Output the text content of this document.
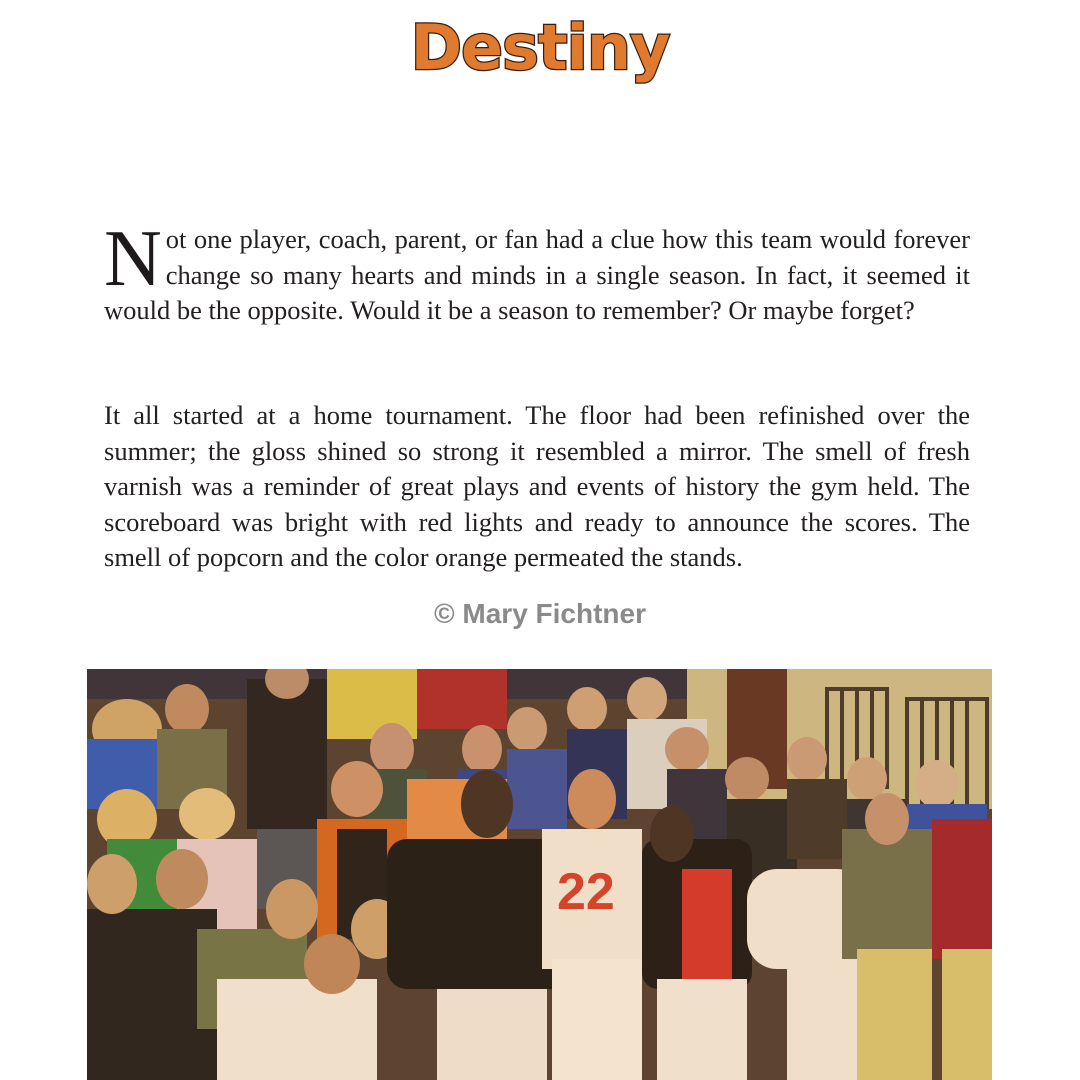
Destiny
Not one player, coach, parent, or fan had a clue how this team would forever change so many hearts and minds in a single season. In fact, it seemed it would be the opposite. Would it be a season to remember? Or maybe forget?
It all started at a home tournament. The floor had been refinished over the summer; the gloss shined so strong it resembled a mirror. The smell of fresh varnish was a reminder of great plays and events of history the gym held. The scoreboard was bright with red lights and ready to announce the scores. The smell of popcorn and the color orange permeated the stands.
© Mary Fichtner
22
